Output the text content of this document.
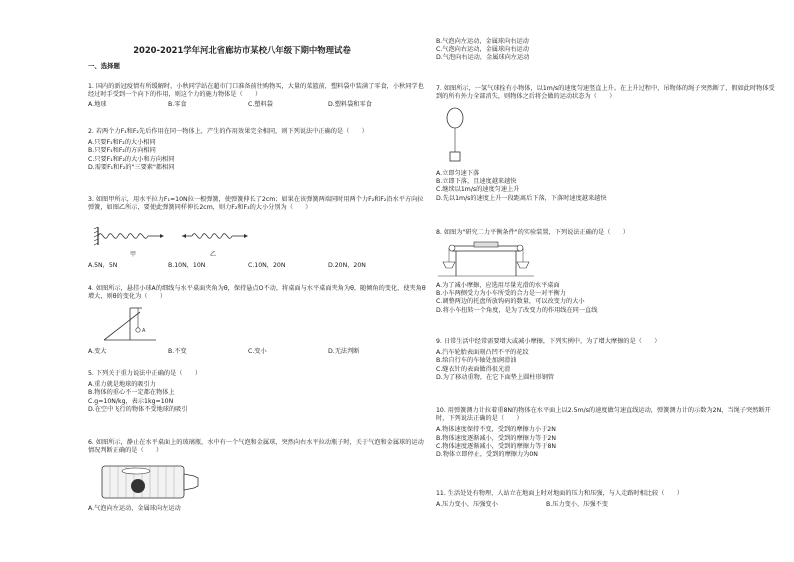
2020-2021学年河北省廊坊市某校八年级下期中物理试卷
一、选择题

1. 国内的新冠疫情有所缓解时，小秋同学站在超市门口准备前往购物买，大量的菜篮前，塑料袋中装满了零食，小秋同学也经过时手受到一个向下的作用，则这个力的施力物体是（　　）

A.地球	B.零食	C.塑料袋	D.塑料袋和零食

2. 若两个力F₁和F₂先后作用在同一物体上，产生的作用效果完全相同，则下列说法中正确的是（　　）

A.只要F₁和F₂的大小相同

B.只要F₁和F₂的方向相同

C.只要F₁和F₂的大小和方向相同

D.需要F₁和F₂的"三要素"都相同

3. 如图甲所示，用水平拉力F₁=10N拉一根弹簧，使弹簧伸长了2cm；如果在该弹簧两端同时用两个力F₂和F₂沿水平方向拉弹簧，如图乙所示，要使此弹簧同样伸长2cm，则力F₂和F₃的大小分别为（　　）

甲	乙
A.5N，5N	B.10N，10N	C.10N，20N	D.20N，20N

4. 如图所示，悬挂小球A的细线与水平桌面夹角为θ，保持悬点O不动，将桌面与水平桌面夹角为θ，随倾角的变化，使夹角θ增大，则θ的变化为（　　）

A
A.变大	B.不变	C.变小	D.无法判断

5. 下列关于重力说法中正确的是（　　）

A.重力就是地球的吸引力

B.物体的重心不一定都在物体上

C.g=10N/kg，表示1kg=10N

D.在空中飞行的物体不受地球的吸引

6. 如图所示，静止在水平桌面上的玻璃瓶，水中有一个气泡和金属球，突然向右水平拉动瓶子时，关于气泡和金属球的运动情况判断正确的是（　　）

A.气泡向左运动，金属球向左运动

B.气泡向左运动，金属球向右运动

C.气泡向右运动，金属球向右运动

D.气泡向右运动，金属球向左运动

7. 如图所示，一氢气球拴有小物体，以1m/s的速度匀速竖直上升。在上升过程中，吊物体的绳子突然断了，假如此时物体受到的所有外力全部消失，则物体之后将会做的运动状态为（　　）

A.立即匀速下落

B.立即下落，且速度越来越快

C.继续以1m/s的速度匀速上升

D.先以1m/s的速度上升一段距离后下落，下落时速度越来越快

8. 如图为"研究二力平衡条件"的实验装置，下列说法正确的是（　　）

A.为了减小摩擦，应选用尽量光滑的水平桌面

B.小车两侧受力为小车所受的合力是一对平衡力

C.调整两边的托盘所放钩码的数量，可以改变力的大小

D.将小车扭转一个角度，是为了改变力的作用线在同一直线

9. 日常生活中经常需要增大或减小摩擦，下列实例中，为了增大摩擦的是（　　）

A.汽车轮胎表面刻凸凹不平的花纹

B.给自行车的车轴处加润滑油

C.缝衣针的表面做得很光滑

D.为了移动重物，在它下面垫上圆柱形钢管

10. 用弹簧测力计拉着重8N的物体在水平面上以2.5m/s的速度做匀速直线运动，弹簧测力计的示数为2N，当绳子突然断开时，下列说法正确的是（　　）

A.物体速度保持不变，受到的摩擦力小于2N

B.物体速度逐渐减小，受到的摩擦力等于2N

C.物体速度逐渐减小，受到的摩擦力等于8N

D.物体立即停止，受到的摩擦力为0N

11. 生活处处有物理，人站立在地面上时对地面的压力和压强，与人走路时相比较（　　）

A.压力变小，压强变小	B.压力变小，压强不变
